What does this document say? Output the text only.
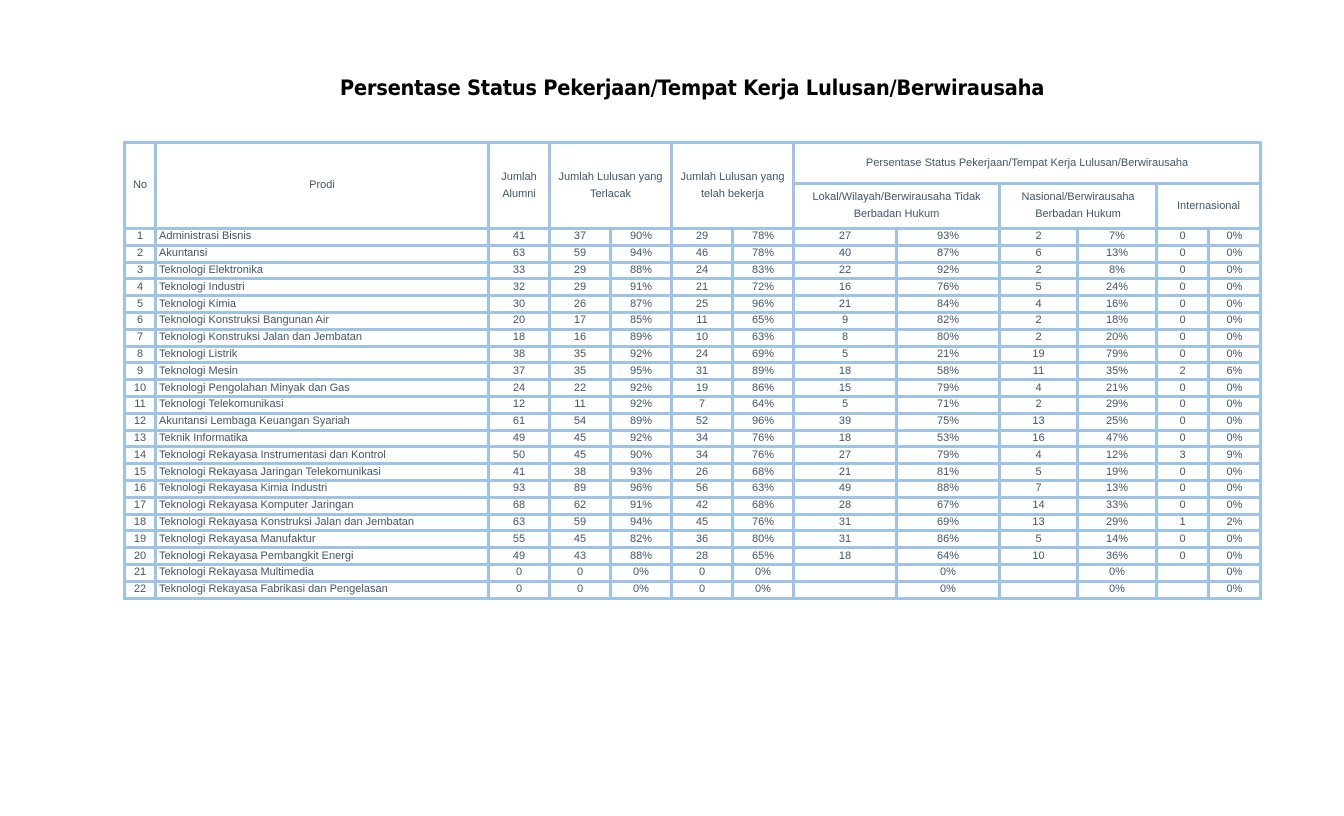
Persentase Status Pekerjaan/Tempat Kerja Lulusan/Berwirausaha
No	Prodi	Jumlah Alumni	Jumlah Lulusan yang Terlacak		Jumlah Lulusan yang telah bekerja		Persentase Status Pekerjaan/Tempat Kerja Lulusan/Berwirausaha					
							Lokal/Wilayah/Berwirausaha Tidak Berbadan Hukum		Nasional/Berwirausaha Berbadan Hukum		Internasional	
1	Administrasi Bisnis	41	37	90%	29	78%	27	93%	2	7%	0	0%
2	Akuntansi	63	59	94%	46	78%	40	87%	6	13%	0	0%
3	Teknologi Elektronika	33	29	88%	24	83%	22	92%	2	8%	0	0%
4	Teknologi Industri	32	29	91%	21	72%	16	76%	5	24%	0	0%
5	Teknologi Kimia	30	26	87%	25	96%	21	84%	4	16%	0	0%
6	Teknologi Konstruksi Bangunan Air	20	17	85%	11	65%	9	82%	2	18%	0	0%
7	Teknologi Konstruksi Jalan dan Jembatan	18	16	89%	10	63%	8	80%	2	20%	0	0%
8	Teknologi Listrik	38	35	92%	24	69%	5	21%	19	79%	0	0%
9	Teknologi Mesin	37	35	95%	31	89%	18	58%	11	35%	2	6%
10	Teknologi Pengolahan Minyak dan Gas	24	22	92%	19	86%	15	79%	4	21%	0	0%
11	Teknologi Telekomunikasi	12	11	92%	7	64%	5	71%	2	29%	0	0%
12	Akuntansi Lembaga Keuangan Syariah	61	54	89%	52	96%	39	75%	13	25%	0	0%
13	Teknik Informatika	49	45	92%	34	76%	18	53%	16	47%	0	0%
14	Teknologi Rekayasa Instrumentasi dan Kontrol	50	45	90%	34	76%	27	79%	4	12%	3	9%
15	Teknologi Rekayasa Jaringan Telekomunikasi	41	38	93%	26	68%	21	81%	5	19%	0	0%
16	Teknologi Rekayasa Kimia Industri	93	89	96%	56	63%	49	88%	7	13%	0	0%
17	Teknologi Rekayasa Komputer Jaringan	68	62	91%	42	68%	28	67%	14	33%	0	0%
18	Teknologi Rekayasa Konstruksi Jalan dan Jembatan	63	59	94%	45	76%	31	69%	13	29%	1	2%
19	Teknologi Rekayasa Manufaktur	55	45	82%	36	80%	31	86%	5	14%	0	0%
20	Teknologi Rekayasa Pembangkit Energi	49	43	88%	28	65%	18	64%	10	36%	0	0%
21	Teknologi Rekayasa Multimedia	0	0	0%	0	0%		0%		0%		0%
22	Teknologi Rekayasa Fabrikasi dan Pengelasan	0	0	0%	0	0%		0%		0%		0%
